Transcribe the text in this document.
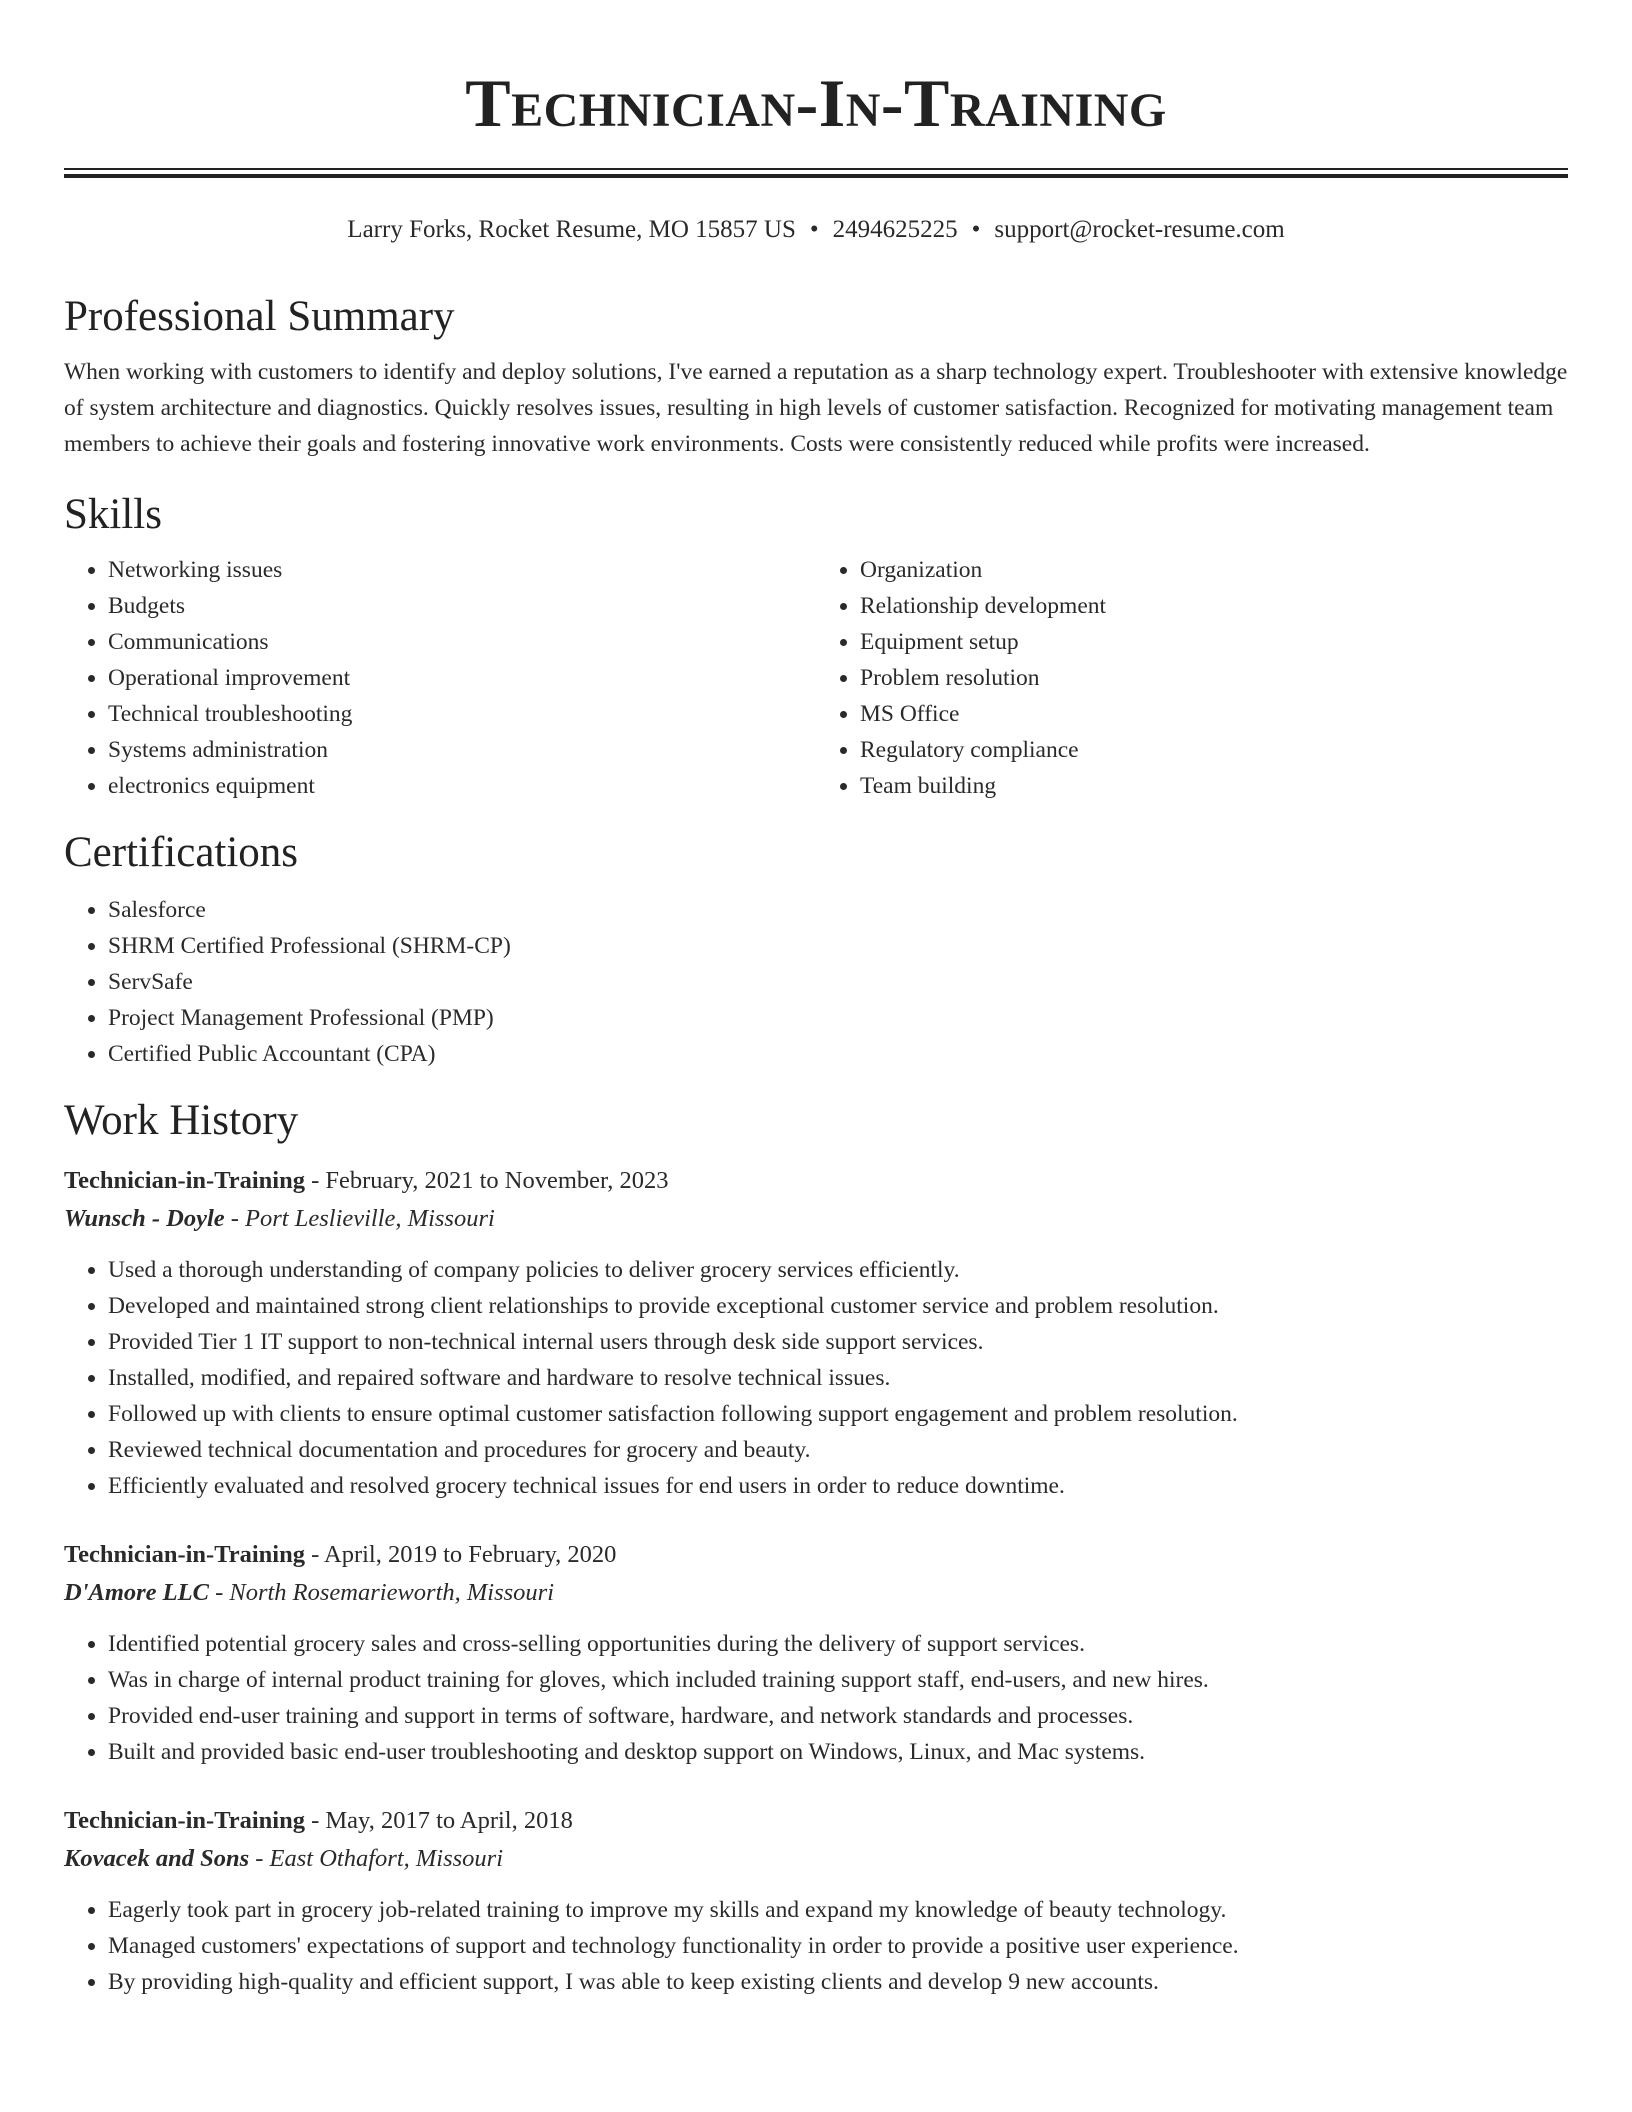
Technician-In-Training
Larry Forks, Rocket Resume, MO 15857 US • 2494625225 • support@rocket-resume.com
Professional Summary

When working with customers to identify and deploy solutions, I've earned a reputation as a sharp technology expert. Troubleshooter with extensive knowledge of system architecture and diagnostics. Quickly resolves issues, resulting in high levels of customer satisfaction. Recognized for motivating management team members to achieve their goals and fostering innovative work environments. Costs were consistently reduced while profits were increased.

Skills
• Networking issues
• Budgets
• Communications
• Operational improvement
• Technical troubleshooting
• Systems administration
• electronics equipment
• Organization
• Relationship development
• Equipment setup
• Problem resolution
• MS Office
• Regulatory compliance
• Team building
Certifications
• Salesforce
• SHRM Certified Professional (SHRM-CP)
• ServSafe
• Project Management Professional (PMP)
• Certified Public Accountant (CPA)
Work History
Technician-in-Training - February, 2021 to November, 2023
Wunsch - Doyle - Port Leslieville, Missouri
• Used a thorough understanding of company policies to deliver grocery services efficiently.
• Developed and maintained strong client relationships to provide exceptional customer service and problem resolution.
• Provided Tier 1 IT support to non-technical internal users through desk side support services.
• Installed, modified, and repaired software and hardware to resolve technical issues.
• Followed up with clients to ensure optimal customer satisfaction following support engagement and problem resolution.
• Reviewed technical documentation and procedures for grocery and beauty.
• Efficiently evaluated and resolved grocery technical issues for end users in order to reduce downtime.
Technician-in-Training - April, 2019 to February, 2020
D'Amore LLC - North Rosemarieworth, Missouri
• Identified potential grocery sales and cross-selling opportunities during the delivery of support services.
• Was in charge of internal product training for gloves, which included training support staff, end-users, and new hires.
• Provided end-user training and support in terms of software, hardware, and network standards and processes.
• Built and provided basic end-user troubleshooting and desktop support on Windows, Linux, and Mac systems.
Technician-in-Training - May, 2017 to April, 2018
Kovacek and Sons - East Othafort, Missouri
• Eagerly took part in grocery job-related training to improve my skills and expand my knowledge of beauty technology.
• Managed customers' expectations of support and technology functionality in order to provide a positive user experience.
• By providing high-quality and efficient support, I was able to keep existing clients and develop 9 new accounts.
